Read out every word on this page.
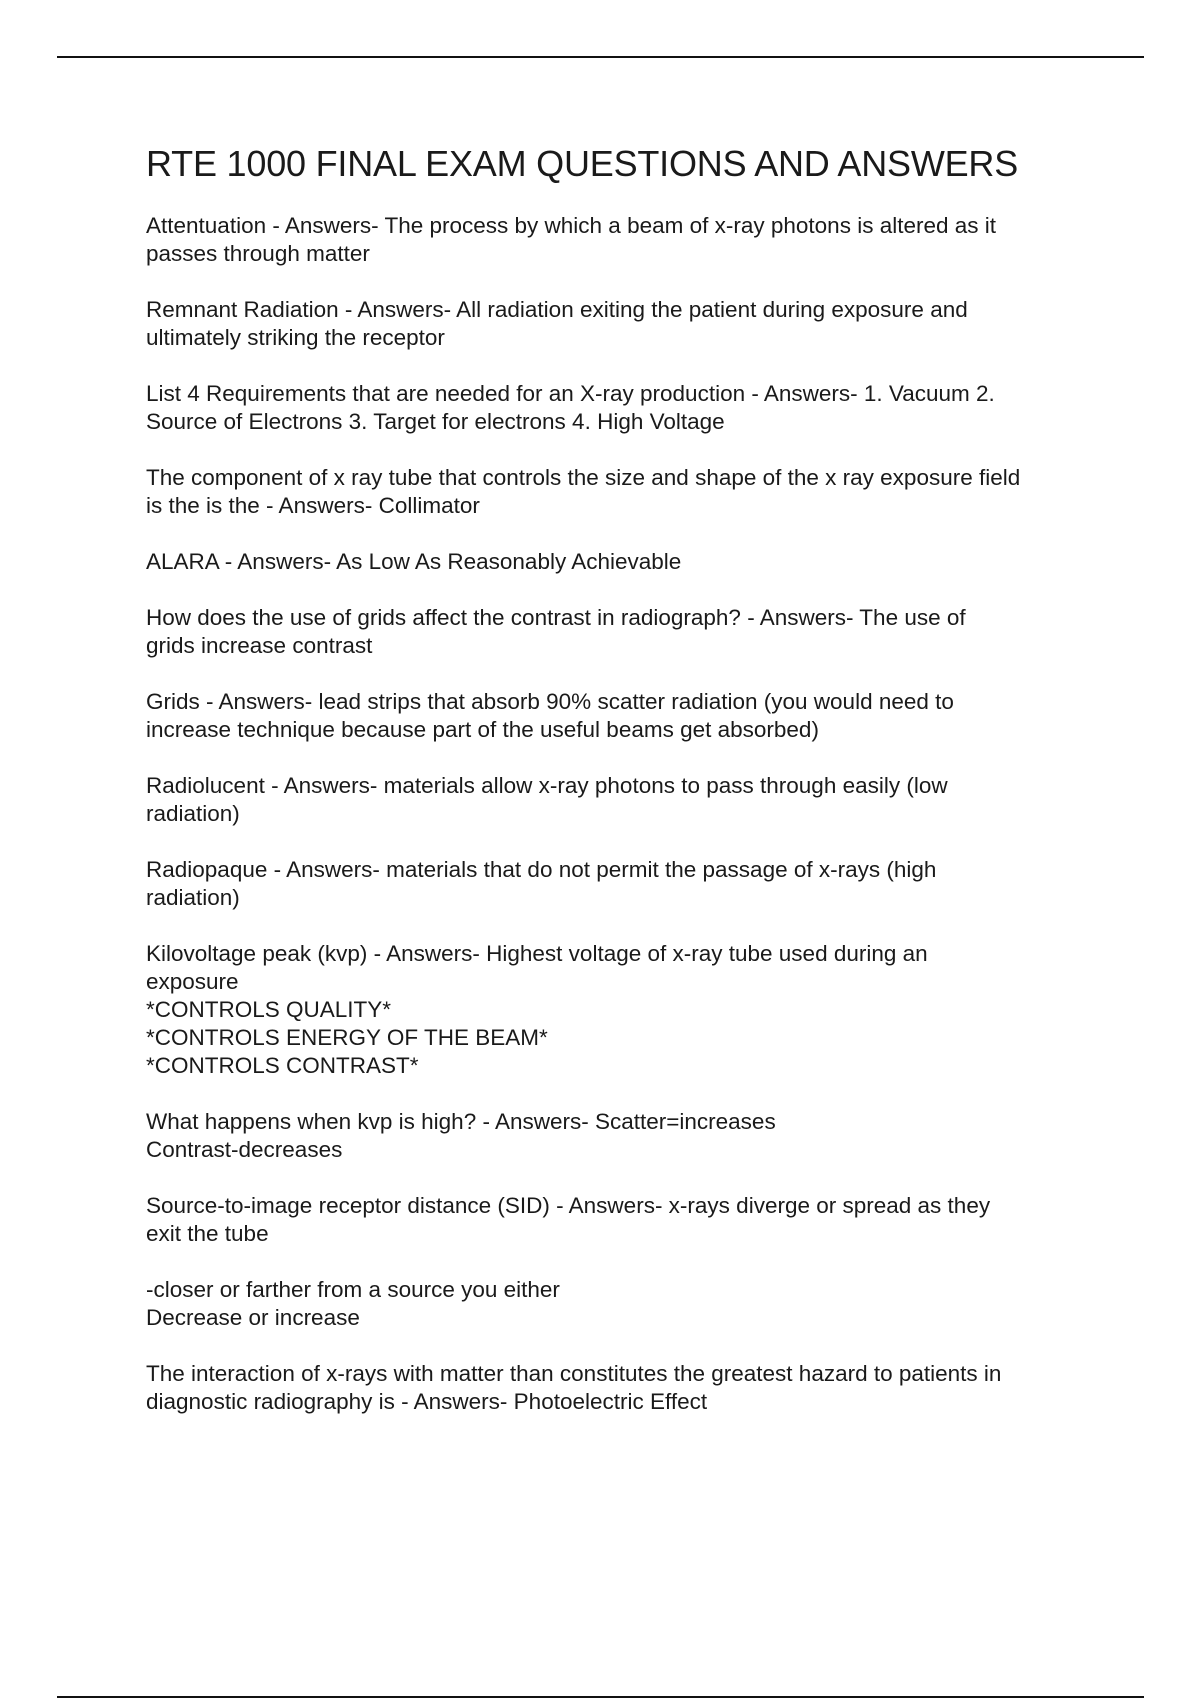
RTE 1000 FINAL EXAM QUESTIONS AND ANSWERS

Attentuation - Answers- The process by which a beam of x-ray photons is altered as it
passes through matter

Remnant Radiation - Answers- All radiation exiting the patient during exposure and
ultimately striking the receptor

List 4 Requirements that are needed for an X-ray production - Answers- 1. Vacuum 2.
Source of Electrons 3. Target for electrons 4. High Voltage

The component of x ray tube that controls the size and shape of the x ray exposure field
is the is the - Answers- Collimator

ALARA - Answers- As Low As Reasonably Achievable

How does the use of grids affect the contrast in radiograph? - Answers- The use of
grids increase contrast

Grids - Answers- lead strips that absorb 90% scatter radiation (you would need to
increase technique because part of the useful beams get absorbed)

Radiolucent - Answers- materials allow x-ray photons to pass through easily (low
radiation)

Radiopaque - Answers- materials that do not permit the passage of x-rays (high
radiation)

Kilovoltage peak (kvp) - Answers- Highest voltage of x-ray tube used during an
exposure
*CONTROLS QUALITY*
*CONTROLS ENERGY OF THE BEAM*
*CONTROLS CONTRAST*

What happens when kvp is high? - Answers- Scatter=increases
Contrast-decreases

Source-to-image receptor distance (SID) - Answers- x-rays diverge or spread as they
exit the tube

-closer or farther from a source you either
Decrease or increase

The interaction of x-rays with matter than constitutes the greatest hazard to patients in
diagnostic radiography is - Answers- Photoelectric Effect
